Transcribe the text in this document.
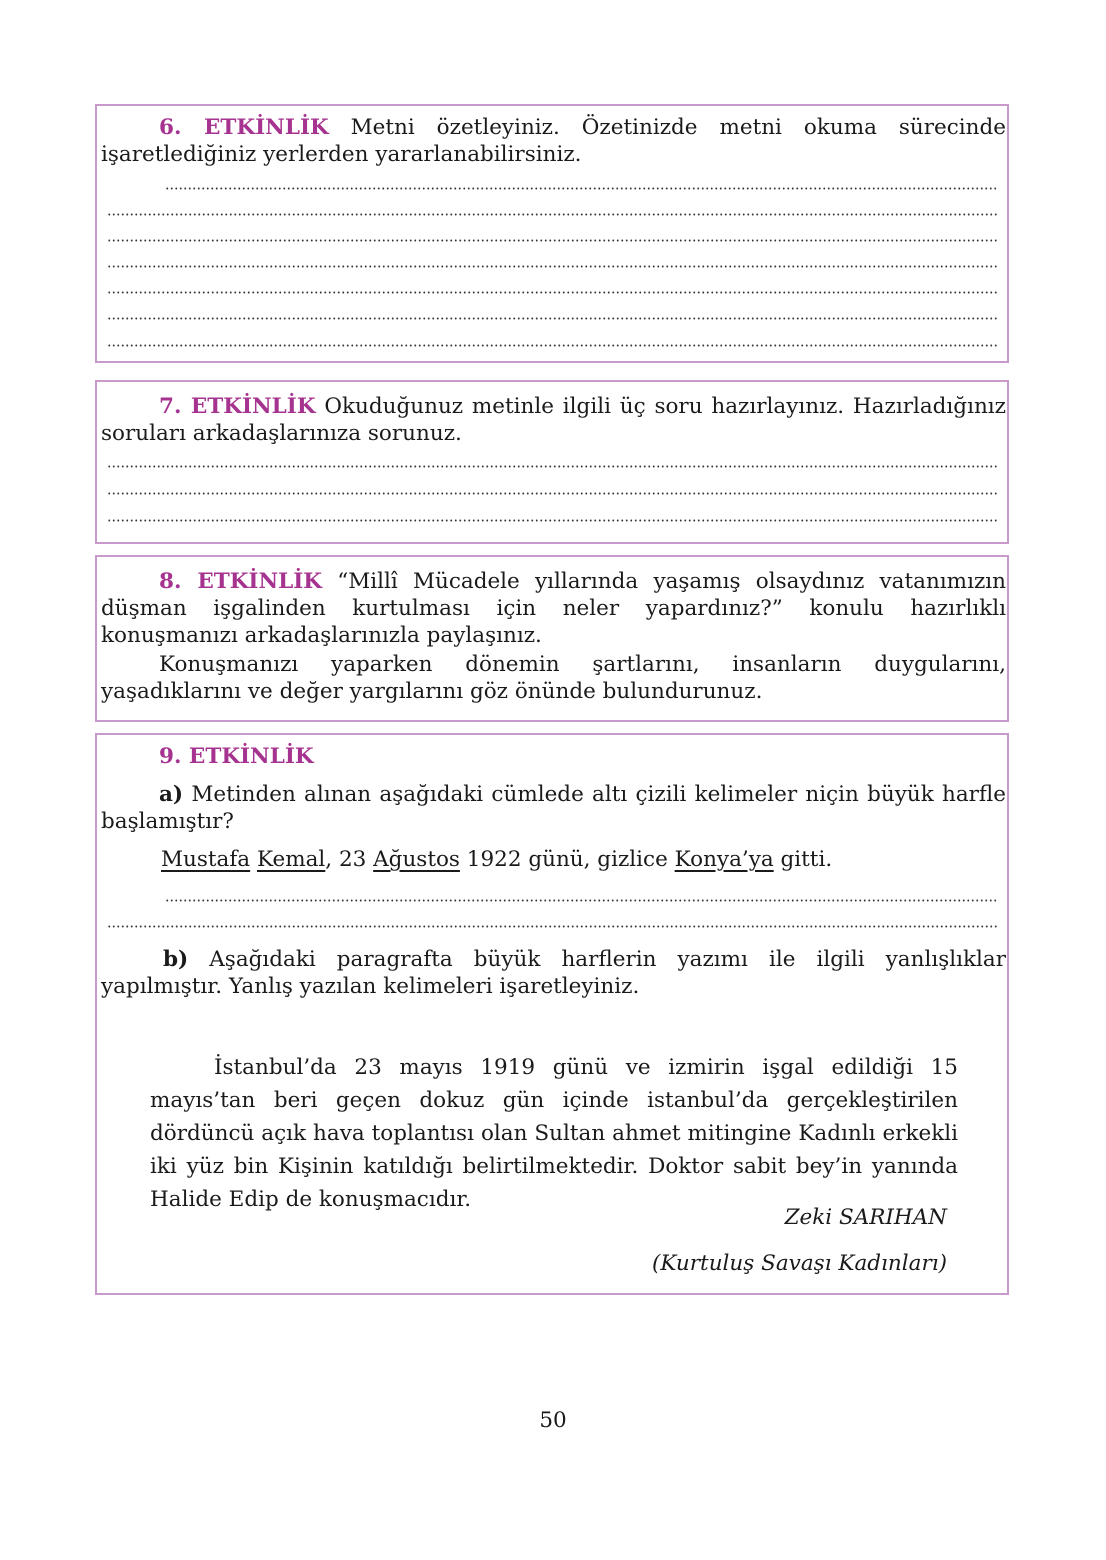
6. ETKİNLİK Metni özetleyiniz. Özetinizde metni okuma sürecinde işaretlediğiniz yerlerden yararlanabilirsiniz.
7. ETKİNLİK Okuduğunuz metinle ilgili üç soru hazırlayınız. Hazırladığınız soruları arkadaşlarınıza sorunuz.
8. ETKİNLİK “Millî Mücadele yıllarında yaşamış olsaydınız vatanımızın düşman işgalinden kurtulması için neler yapardınız?” konulu hazırlıklı konuşmanızı arkadaşlarınızla paylaşınız.
Konuşmanızı yaparken dönemin şartlarını, insanların duygularını, yaşadıklarını ve değer yargılarını göz önünde bulundurunuz.
9. ETKİNLİK
a) Metinden alınan aşağıdaki cümlede altı çizili kelimeler niçin büyük harfle başlamıştır?
Mustafa Kemal, 23 Ağustos 1922 günü, gizlice Konya’ya gitti.
b) Aşağıdaki paragrafta büyük harflerin yazımı ile ilgili yanlışlıklar yapılmıştır. Yanlış yazılan kelimeleri işaretleyiniz.
İstanbul’da 23 mayıs 1919 günü ve izmirin işgal edildiği 15 mayıs’tan beri geçen dokuz gün içinde istanbul’da gerçekleştirilen dördüncü açık hava toplantısı olan Sultan ahmet mitingine Kadınlı erkekli iki yüz bin Kişinin katıldığı belirtilmektedir. Doktor sabit bey’in yanında Halide Edip de konuşmacıdır.
Zeki SARIHAN
(Kurtuluş Savaşı Kadınları)
50
